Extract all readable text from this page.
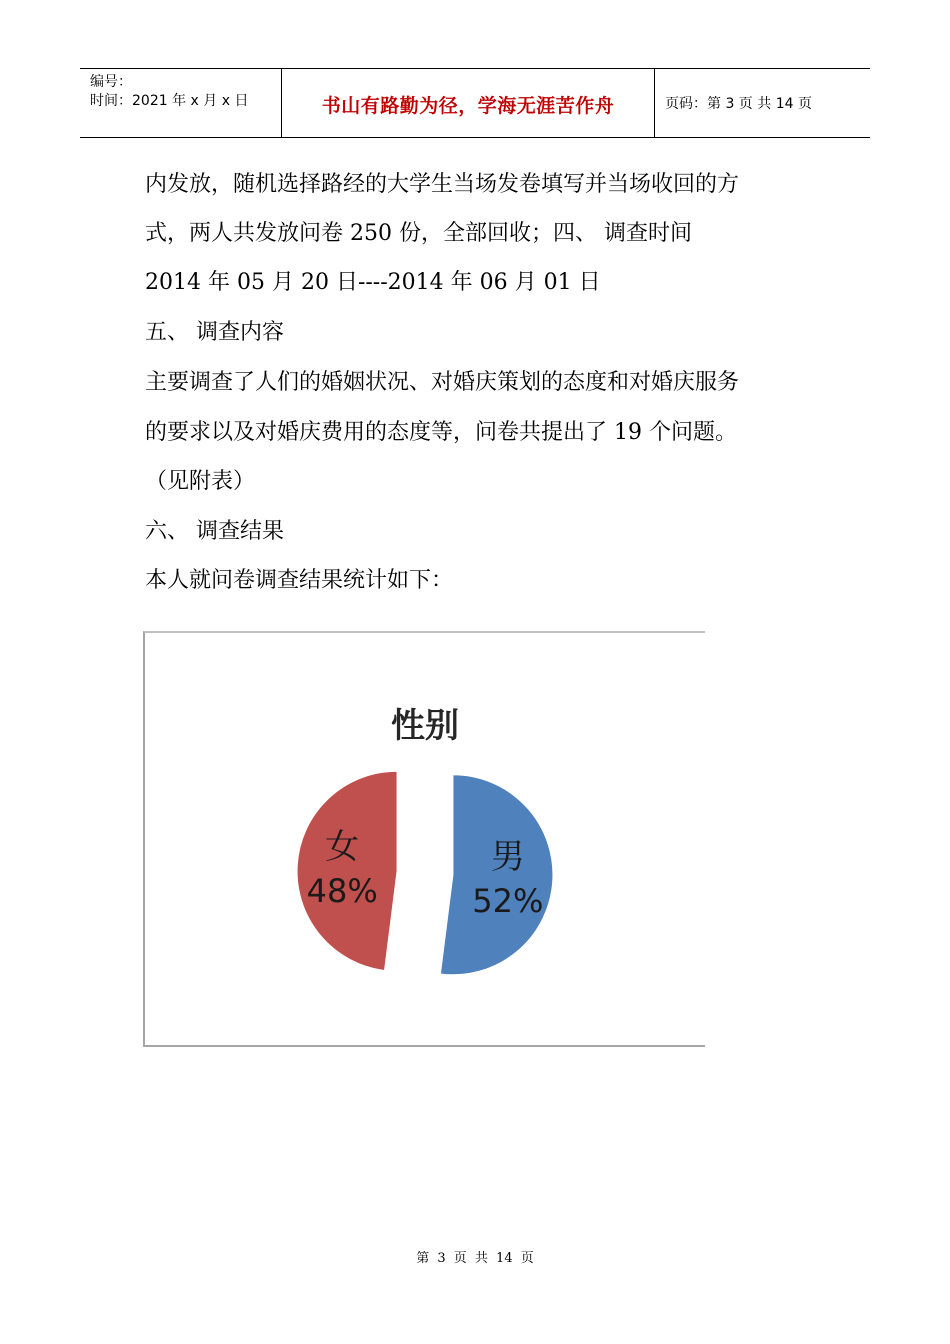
编号：
时间：2021 年 x 月 x 日	书山有路勤为径，学海无涯苦作舟	页码：第 3 页 共 14 页
内发放，随机选择路经的大学生当场发卷填写并当场收回的方
式，两人共发放问卷 250 份，全部回收；四、 调查时间
2014 年 05 月 20 日----2014 年 06 月 01 日
五、 调查内容
主要调查了人们的婚姻状况、对婚庆策划的态度和对婚庆服务
的要求以及对婚庆费用的态度等，问卷共提出了 19 个问题。
（见附表）
六、 调查结果
本人就问卷调查结果统计如下：
性别
男
52%
女
48%
第 3 页 共 14 页
